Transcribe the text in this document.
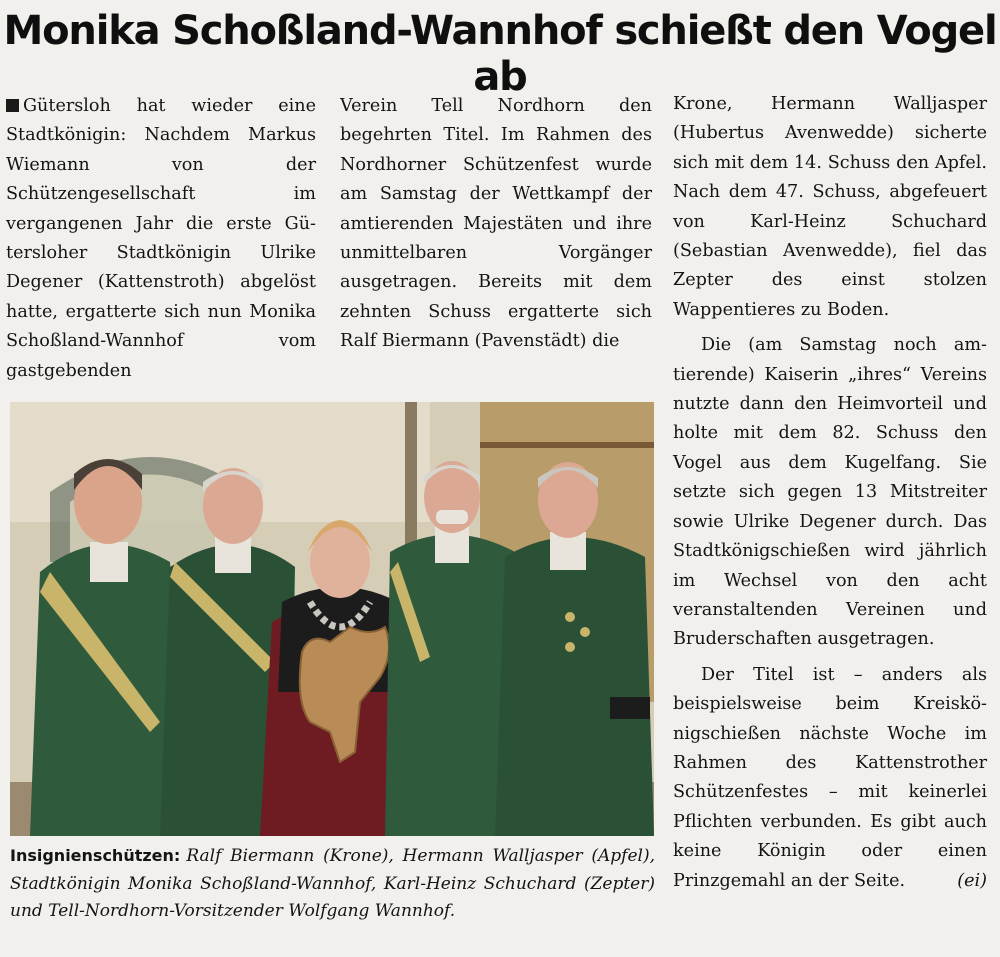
Monika Schoßland-Wannhof schießt den Vogel ab

Gütersloh hat wieder eine Stadtkönigin: Nachdem Markus Wiemann von der Schützengesellschaft im vergangenen Jahr die erste Gütersloher Stadtkönigin Ulrike Degener (Kattenstroth) abgelöst hatte, ergatterte sich nun Monika Schoßland-Wannhof vom gastgebenden

Verein Tell Nordhorn den begehrten Titel. Im Rahmen des Nordhorner Schützenfest wurde am Samstag der Wettkampf der amtierenden Majestäten und ihre unmittelbaren Vorgänger ausgetragen. Bereits mit dem zehnten Schuss ergatterte sich Ralf Biermann (Pavenstädt) die

Krone, Hermann Walljasper (Hubertus Avenwedde) sicherte sich mit dem 14. Schuss den Apfel. Nach dem 47. Schuss, abgefeuert von Karl-Heinz Schuchard (Sebastian Avenwedde), fiel das Zepter des einst stolzen Wappentieres zu Boden.

Die (am Samstag noch amtierende) Kaiserin „ihres“ Vereins nutzte dann den Heimvorteil und holte mit dem 82. Schuss den Vogel aus dem Kugelfang. Sie setzte sich gegen 13 Mitstreiter sowie Ulrike Degener durch. Das Stadtkönigschießen wird jährlich im Wechsel von den acht veranstaltenden Vereinen und Bruderschaften ausgetragen.

Der Titel ist – anders als beispielsweise beim Kreiskönigschießen nächste Woche im Rahmen des Kattenstrother Schützenfestes – mit keinerlei Pflichten verbunden. Es gibt auch keine Königin oder einen Prinzgemahl an der Seite.	(ei)

Insignienschützen: Ralf Biermann (Krone), Hermann Walljasper (Apfel), Stadtkönigin Monika Schoßland-Wannhof, Karl-Heinz Schuchard (Zepter) und Tell-Nordhorn-Vorsitzender Wolfgang Wannhof.
